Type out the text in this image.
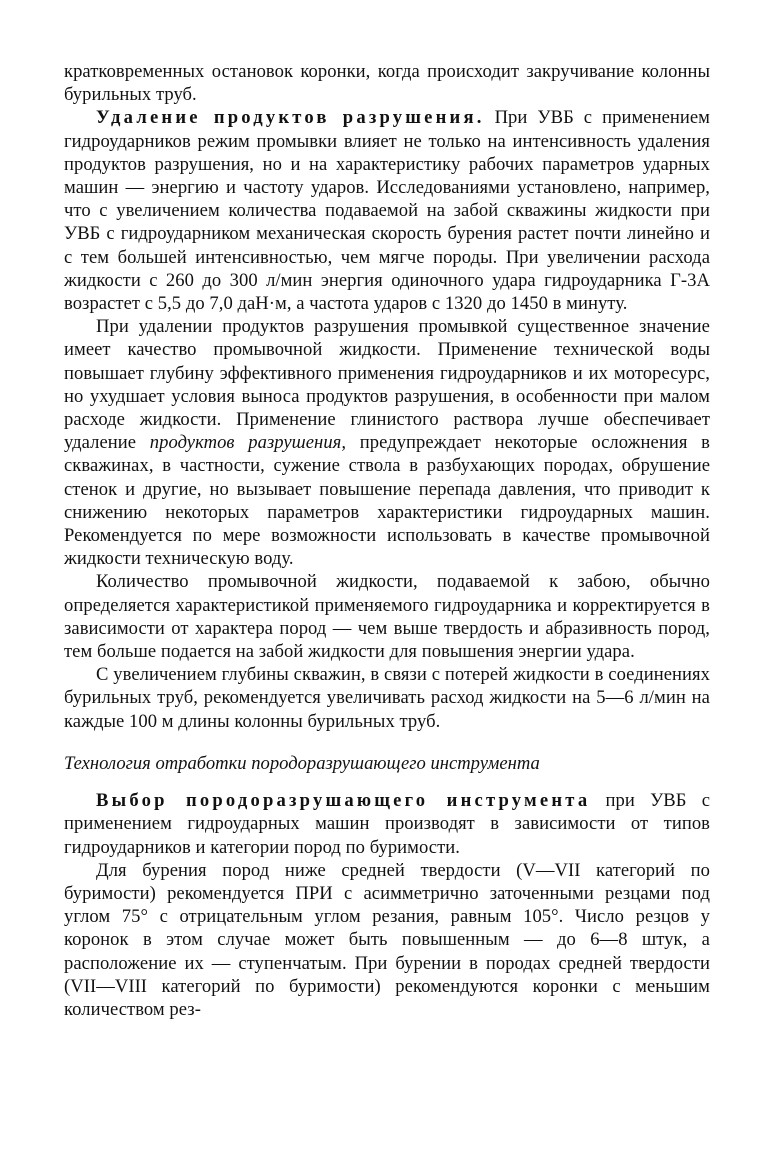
кратковременных остановок коронки, когда происходит закручивание колонны бурильных труб.

Удаление продуктов разрушения. При УВБ с применением гидроударников режим промывки влияет не только на интенсивность удаления продуктов разрушения, но и на характеристику рабочих параметров ударных машин — энергию и частоту ударов. Исследованиями установлено, например, что с увеличением количества подаваемой на забой скважины жидкости при УВБ с гидроударником механическая скорость бурения растет почти линейно и с тем большей интенсивностью, чем мягче породы. При увеличении расхода жидкости с 260 до 300 л/мин энергия одиночного удара гидроударника Г-3А возрастет с 5,5 до 7,0 даН·м, а частота ударов с 1320 до 1450 в минуту.

При удалении продуктов разрушения промывкой существенное значение имеет качество промывочной жидкости. Применение технической воды повышает глубину эффективного применения гидроударников и их моторесурс, но ухудшает условия выноса продуктов разрушения, в особенности при малом расходе жидкости. Применение глинистого раствора лучше обеспечивает удаление продуктов разрушения, предупреждает некоторые осложнения в скважинах, в частности, сужение ствола в разбухающих породах, обрушение стенок и другие, но вызывает повышение перепада давления, что приводит к снижению некоторых параметров характеристики гидроударных машин. Рекомендуется по мере возможности использовать в качестве промывочной жидкости техническую воду.

Количество промывочной жидкости, подаваемой к забою, обычно определяется характеристикой применяемого гидроударника и корректируется в зависимости от характера пород — чем выше твердость и абразивность пород, тем больше подается на забой жидкости для повышения энергии удара.

С увеличением глубины скважин, в связи с потерей жидкости в соединениях бурильных труб, рекомендуется увеличивать расход жидкости на 5—6 л/мин на каждые 100 м длины колонны бурильных труб.

Технология отработки породоразрушающего инструмента

Выбор породоразрушающего инструмента при УВБ с применением гидроударных машин производят в зависимости от типов гидроударников и категории пород по буримости.

Для бурения пород ниже средней твердости (V—VII категорий по буримости) рекомендуется ПРИ с асимметрично заточенными резцами под углом 75° с отрицательным углом резания, равным 105°. Число резцов у коронок в этом случае может быть повышенным — до 6—8 штук, а расположение их — ступенчатым. При бурении в породах средней твердости (VII—VIII категорий по буримости) рекомендуются коронки с меньшим количеством рез-
